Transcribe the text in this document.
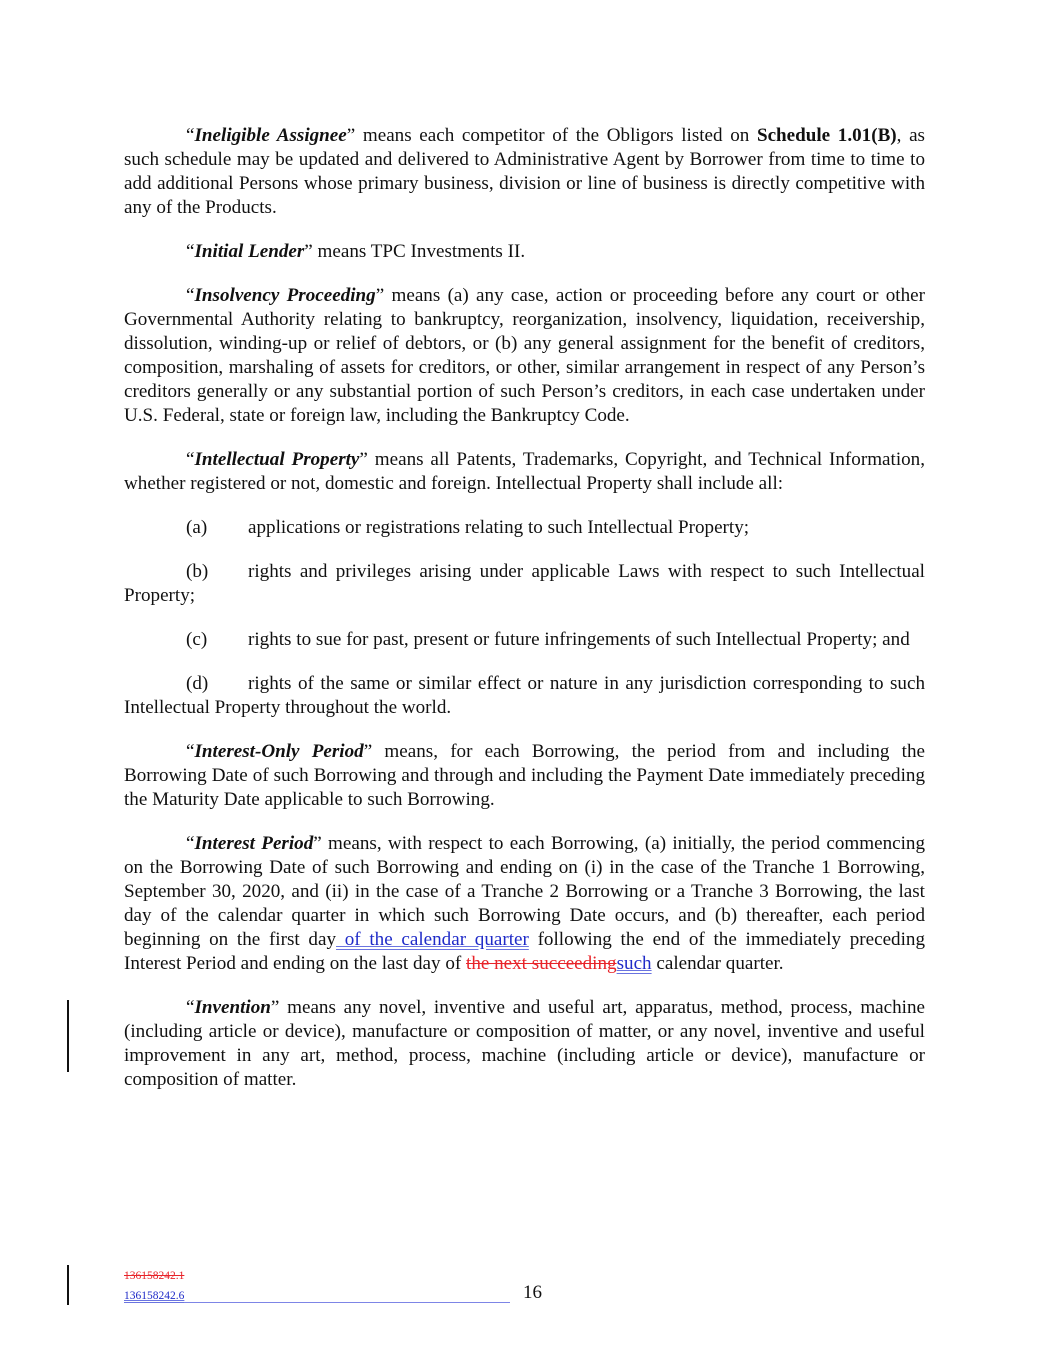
“Ineligible Assignee” means each competitor of the Obligors listed on Schedule 1.01(B), as such schedule may be updated and delivered to Administrative Agent by Borrower from time to time to add additional Persons whose primary business, division or line of business is directly competitive with any of the Products.

“Initial Lender” means TPC Investments II.

“Insolvency Proceeding” means (a) any case, action or proceeding before any court or other Governmental Authority relating to bankruptcy, reorganization, insolvency, liquidation, receivership, dissolution, winding-up or relief of debtors, or (b) any general assignment for the benefit of creditors, composition, marshaling of assets for creditors, or other, similar arrangement in respect of any Person’s creditors generally or any substantial portion of such Person’s creditors, in each case undertaken under U.S. Federal, state or foreign law, including the Bankruptcy Code.

“Intellectual Property” means all Patents, Trademarks, Copyright, and Technical Information, whether registered or not, domestic and foreign. Intellectual Property shall include all:

(a) applications or registrations relating to such Intellectual Property;

(b) rights and privileges arising under applicable Laws with respect to such Intellectual Property;

(c) rights to sue for past, present or future infringements of such Intellectual Property; and

(d) rights of the same or similar effect or nature in any jurisdiction corresponding to such Intellectual Property throughout the world.

“Interest-Only Period” means, for each Borrowing, the period from and including the Borrowing Date of such Borrowing and through and including the Payment Date immediately preceding the Maturity Date applicable to such Borrowing.

“Interest Period” means, with respect to each Borrowing, (a) initially, the period commencing on the Borrowing Date of such Borrowing and ending on (i) in the case of the Tranche 1 Borrowing, September 30, 2020, and (ii) in the case of a Tranche 2 Borrowing or a Tranche 3 Borrowing, the last day of the calendar quarter in which such Borrowing Date occurs, and (b) thereafter, each period beginning on the first day of the calendar quarter following the end of the immediately preceding Interest Period and ending on the last day of the next succeedingsuch calendar quarter.

“Invention” means any novel, inventive and useful art, apparatus, method, process, machine (including article or device), manufacture or composition of matter, or any novel, inventive and useful improvement in any art, method, process, machine (including article or device), manufacture or composition of matter.

136158242.1
136158242.6	16
